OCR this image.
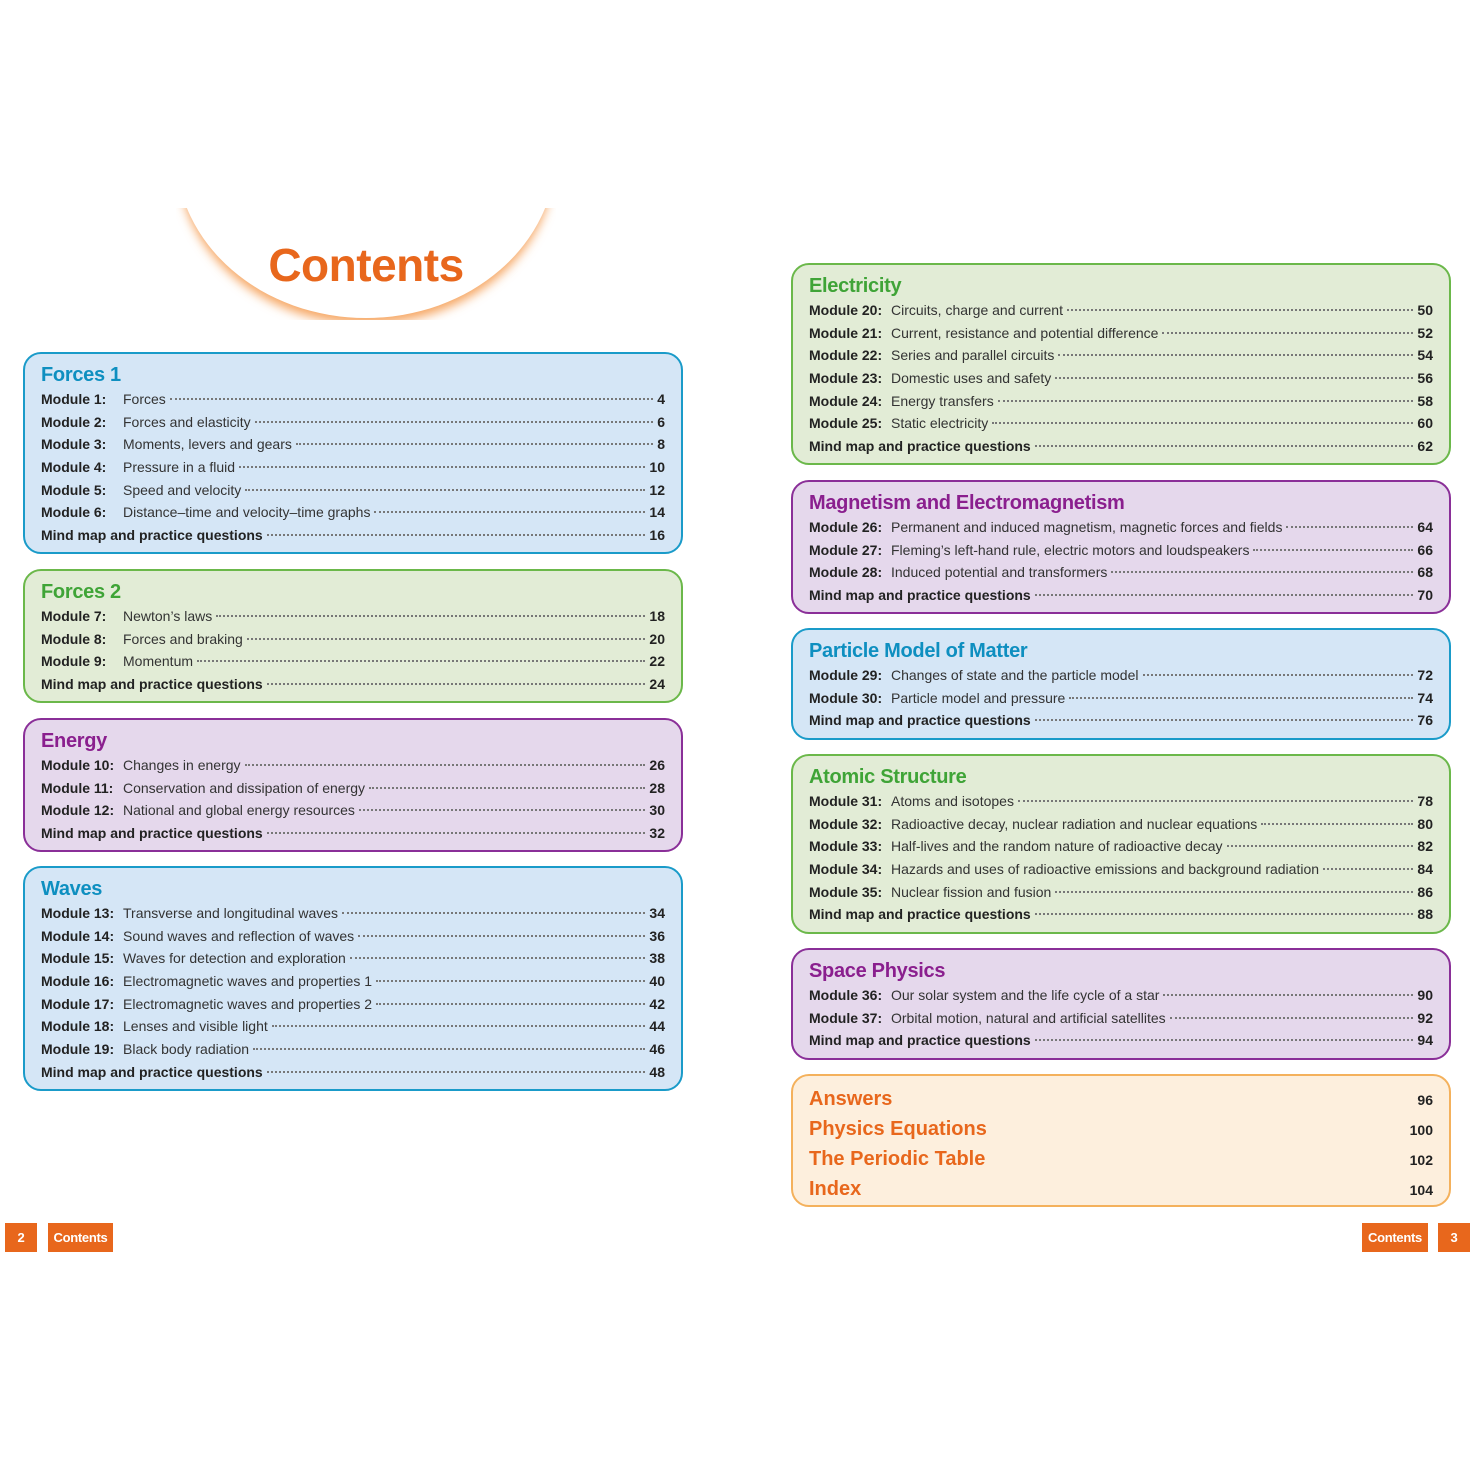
Contents
Forces 1
Module 1:	Forces	4
Module 2:	Forces and elasticity	6
Module 3:	Moments, levers and gears	8
Module 4:	Pressure in a fluid	10
Module 5:	Speed and velocity	12
Module 6:	Distance–time and velocity–time graphs	14
Mind map and practice questions	16
Forces 2
Module 7:	Newton’s laws	18
Module 8:	Forces and braking	20
Module 9:	Momentum	22
Mind map and practice questions	24
Energy
Module 10: Changes in energy	26
Module 11: Conservation and dissipation of energy	28
Module 12: National and global energy resources	30
Mind map and practice questions	32
Waves
Module 13: Transverse and longitudinal waves	34
Module 14: Sound waves and reflection of waves	36
Module 15: Waves for detection and exploration	38
Module 16: Electromagnetic waves and properties 1	40
Module 17: Electromagnetic waves and properties 2	42
Module 18: Lenses and visible light	44
Module 19: Black body radiation	46
Mind map and practice questions	48
2	Contents
Electricity
Module 20: Circuits, charge and current	50
Module 21: Current, resistance and potential difference	52
Module 22: Series and parallel circuits	54
Module 23: Domestic uses and safety	56
Module 24: Energy transfers	58
Module 25: Static electricity	60
Mind map and practice questions	62
Magnetism and Electromagnetism
Module 26: Permanent and induced magnetism, magnetic forces and fields	64
Module 27: Fleming’s left-hand rule, electric motors and loudspeakers	66
Module 28: Induced potential and transformers	68
Mind map and practice questions	70
Particle Model of Matter
Module 29: Changes of state and the particle model	72
Module 30: Particle model and pressure	74
Mind map and practice questions	76
Atomic Structure
Module 31: Atoms and isotopes	78
Module 32: Radioactive decay, nuclear radiation and nuclear equations	80
Module 33: Half-lives and the random nature of radioactive decay	82
Module 34: Hazards and uses of radioactive emissions and background radiation	84
Module 35: Nuclear fission and fusion	86
Mind map and practice questions	88
Space Physics
Module 36: Our solar system and the life cycle of a star	90
Module 37: Orbital motion, natural and artificial satellites	92
Mind map and practice questions	94
Answers	96
Physics Equations	100
The Periodic Table	102
Index	104
Contents	3
